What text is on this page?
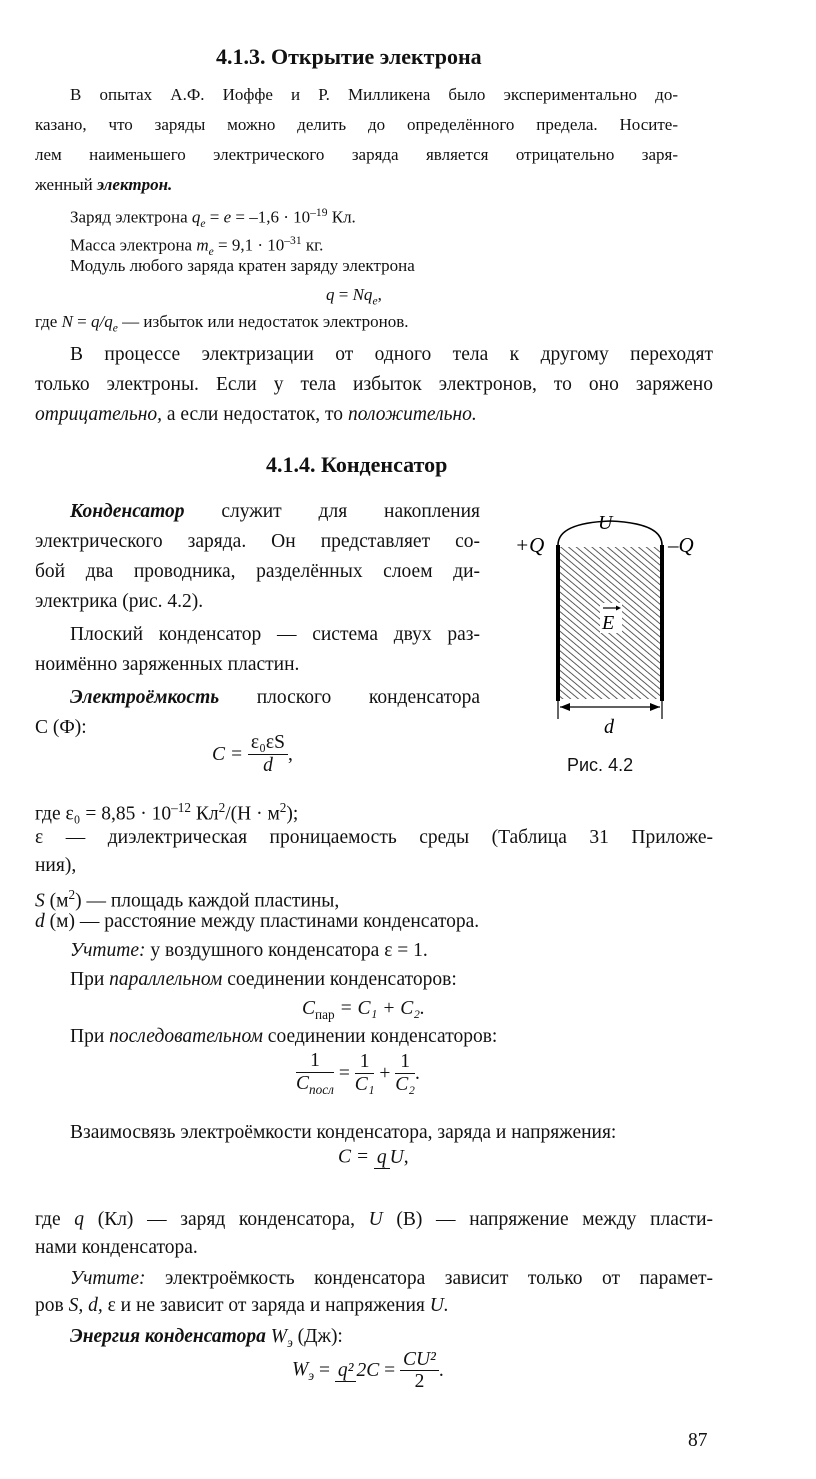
4.1.3. Открытие электрона
В опытах А.Ф. Иоффе и Р. Милликена было экспериментально до-
казано, что заряды можно делить до определённого предела. Носите-
лем наименьшего электрического заряда является отрицательно заря-
женный электрон.
Заряд электрона $q_e = e = -1,6 \cdot 10^{-19}$ Кл.
Масса электрона $m_e = 9,1 \cdot 10^{-31}$ кг.
Модуль любого заряда кратен заряду электрона
$q = Nq_e$,
где $N = q/q_e$ — избыток или недостаток электронов.
В процессе электризации от одного тела к другому переходят
только электроны. Если у тела избыток электронов, то оно заряжено
отрицательно, а если недостаток, то положительно.
4.1.4. Конденсатор
Конденсатор служит для накопления
электрического заряда. Он представляет со-
бой два проводника, разделённых слоем ди-
электрика (рис. 4.2).
Плоский конденсатор — система двух раз-
ноимённо заряженных пластин.
Электроёмкость плоского конденсатора
C (Ф):
$C = \frac{\text{ε₀εS}}{d}$ ,
E
+Q	–Q
U
d
Рис. 4.2
где $\varepsilon_0 = 8,85 \cdot 10^{-12}$ $Кл^2/(Н \cdot м^2)$;
ε — диэлектрическая проницаемость среды (Таблица 31 Приложе-
ния),
S $(м^2)$ — площадь каждой пластины,
d (м) — расстояние между пластинами конденсатора.
Учтите: у воздушного конденсатора ε = 1.
При параллельном соединении конденсаторов:
$C_{пар} = C_1 + C_2$.
При последовательном соединении конденсаторов:
$\frac{1}{C_{посл}} = \frac{1}{\text{C₁}} + \frac{1}{\text{C₂}}$.
Взаимосвязь электроёмкости конденсатора, заряда и напряжения:
C = q U,
где q (Кл) — заряд конденсатора, U (В) — напряжение между пласти-
нами конденсатора.
Учтите: электроёмкость конденсатора зависит только от парамет-
ров S, d, ε и не зависит от заряда и напряжения U.
Энергия конденсатора $W_э$ (Дж):
$W_э = q^2$ $2C = \frac{\text{CU²}}{2}$ .
87
